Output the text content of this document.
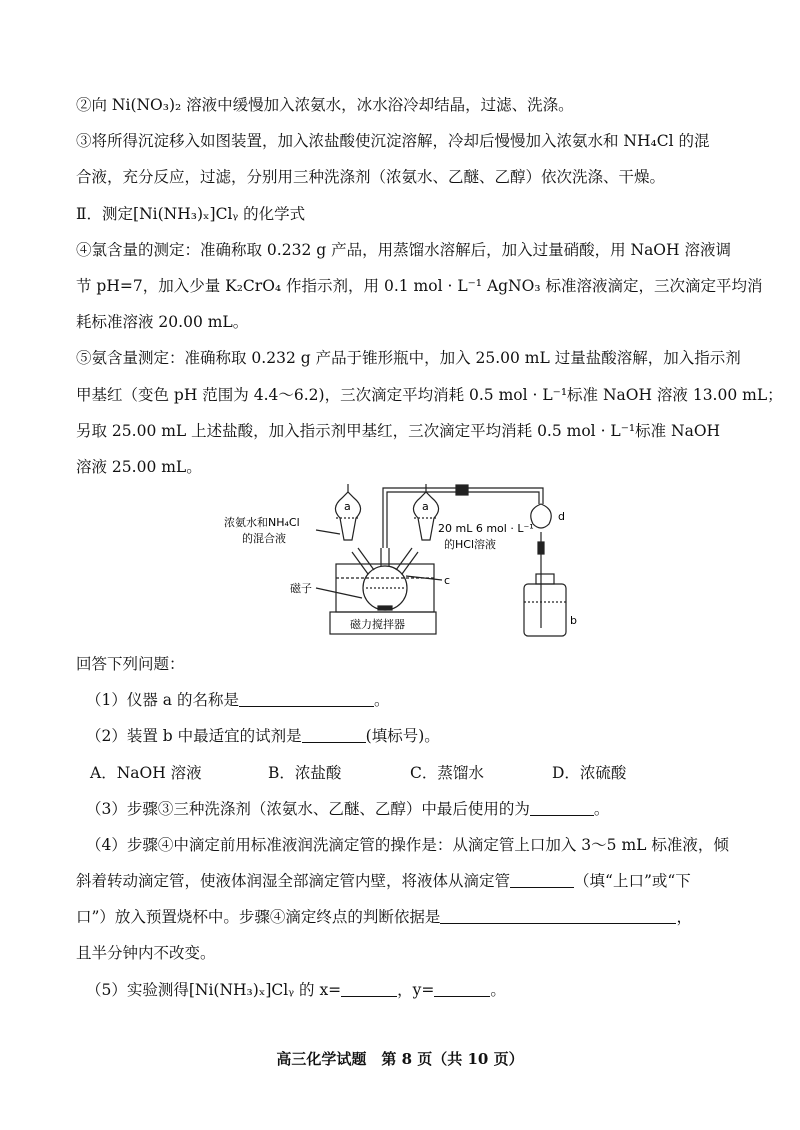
②向 Ni(NO₃)₂ 溶液中缓慢加入浓氨水，冰水浴冷却结晶，过滤、洗涤。
③将所得沉淀移入如图装置，加入浓盐酸使沉淀溶解，冷却后慢慢加入浓氨水和 NH₄Cl 的混
合液，充分反应，过滤，分别用三种洗涤剂（浓氨水、乙醚、乙醇）依次洗涤、干燥。
Ⅱ．测定[Ni(NH₃)ₓ]Clᵧ 的化学式
④氯含量的测定：准确称取 0.232 g 产品，用蒸馏水溶解后，加入过量硝酸，用 NaOH 溶液调
节 pH=7，加入少量 K₂CrO₄ 作指示剂，用 0.1 mol · L⁻¹ AgNO₃ 标准溶液滴定，三次滴定平均消
耗标准溶液 20.00 mL。
⑤氨含量测定：准确称取 0.232 g 产品于锥形瓶中，加入 25.00 mL 过量盐酸溶解，加入指示剂
甲基红（变色 pH 范围为 4.4～6.2)，三次滴定平均消耗 0.5 mol · L⁻¹标准 NaOH 溶液 13.00 mL；
另取 25.00 mL 上述盐酸，加入指示剂甲基红，三次滴定平均消耗 0.5 mol · L⁻¹标准 NaOH
溶液 25.00 mL。
浓氨水和NH₄Cl
的混合液
20 mL 6 mol · L⁻¹
的HCl溶液
a	a
c
d
b
磁子
磁力搅拌器
回答下列问题：
（1）仪器 a 的名称是	。
（2）装置 b 中最适宜的试剂是	(填标号)。
A．NaOH 溶液	B．浓盐酸	C．蒸馏水	D．浓硫酸
（3）步骤③三种洗涤剂（浓氨水、乙醚、乙醇）中最后使用的为	。
（4）步骤④中滴定前用标准液润洗滴定管的操作是：从滴定管上口加入 3～5 mL 标准液，倾
斜着转动滴定管，使液体润湿全部滴定管内壁，将液体从滴定管	（填“上口”或“下
口”）放入预置烧杯中。步骤④滴定终点的判断依据是	，
且半分钟内不改变。
（5）实验测得[Ni(NH₃)ₓ]Clᵧ 的 x=	，y=	。
高三化学试题　第 8 页（共 10 页）
